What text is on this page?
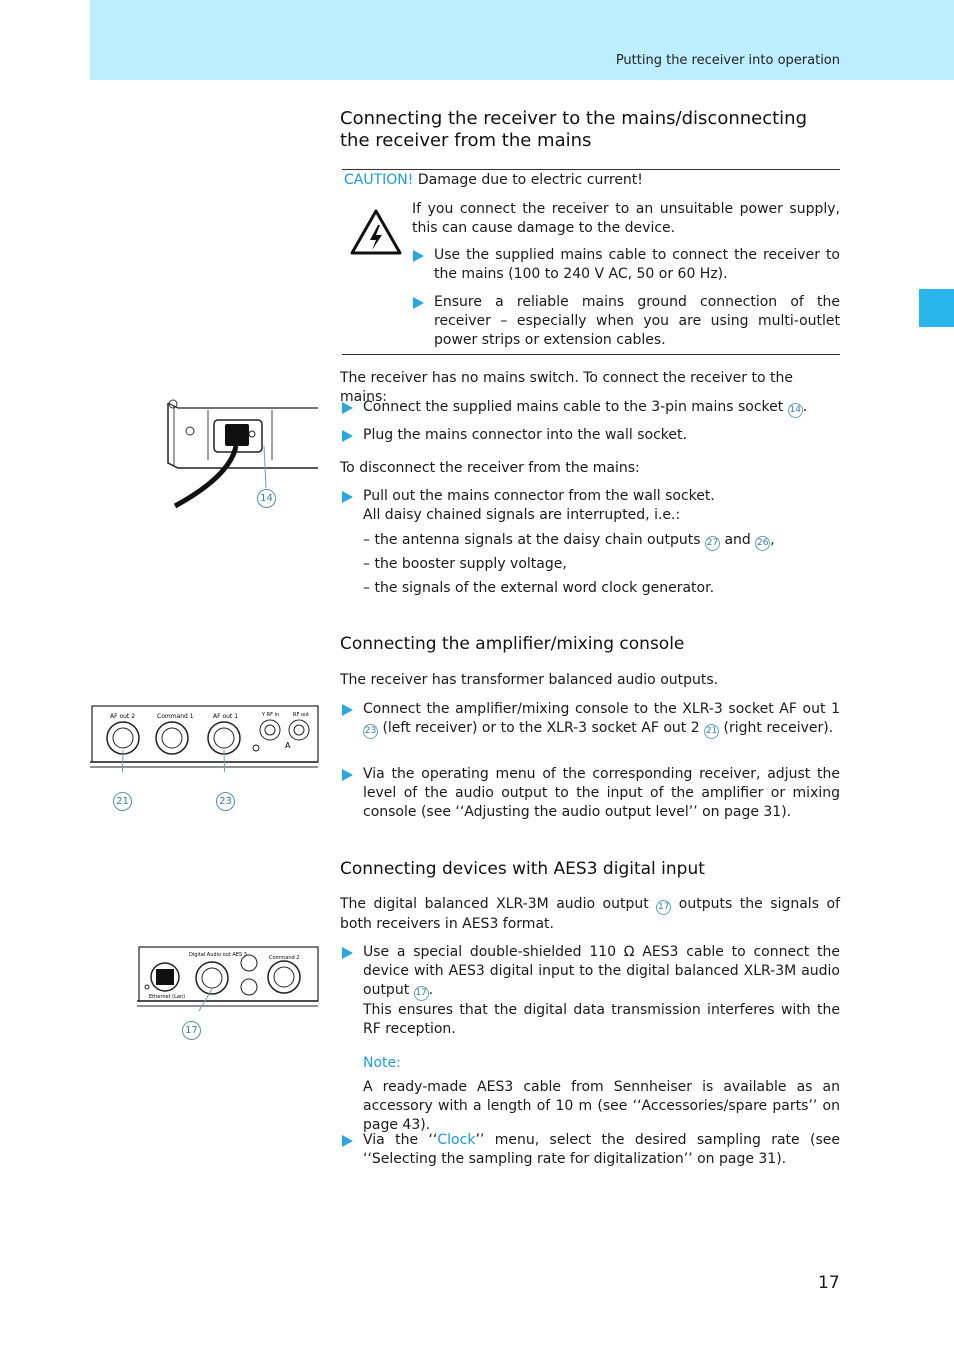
Putting the receiver into operation
Connecting the receiver to the mains/disconnecting the receiver from the mains
CAUTION! Damage due to electric current!

If you connect the receiver to an unsuitable power supply, this can cause damage to the device.

Use the supplied mains cable to connect the receiver to the mains (100 to 240 V AC, 50 or 60 Hz).
Ensure a reliable mains ground connection of the receiver – especially when you are using multi-outlet power strips or extension cables.

The receiver has no mains switch. To connect the receiver to the mains:

Connect the supplied mains cable to the 3-pin mains socket 14 .
Plug the mains connector into the wall socket.

To disconnect the receiver from the mains:

Pull out the mains connector from the wall socket.
All daisy chained signals are interrupted, i.e.:
– the antenna signals at the daisy chain outputs 27 and 26 ,
– the booster supply voltage,
– the signals of the external word clock generator.
14
Connecting the amplifier/mixing console

The receiver has transformer balanced audio outputs.

Connect the amplifier/mixing console to the XLR-3 socket AF out 1 23 (left receiver) or to the XLR-3 socket AF out 2 21 (right receiver).
Via the operating menu of the corresponding receiver, adjust the level of the audio output to the input of the amplifier or mixing console (see ‘‘Adjusting the audio output level’’ on page 31).
AF out 2	Command 1	AF out 1	Y RF in	RF out
A
21	23
Connecting devices with AES3 digital input

The digital balanced XLR-3M audio output 17 outputs the signals of both receivers in AES3 format.

Use a special double-shielded 110 Ω AES3 cable to connect the device with AES3 digital input to the digital balanced XLR-3M audio output 17 .
This ensures that the digital data transmission interferes with the RF reception.
Note:

A ready-made AES3 cable from Sennheiser is available as an accessory with a length of 10 m (see ‘‘Accessories/spare parts’’ on page 43).

Via the ‘‘Clock’’ menu, select the desired sampling rate (see ‘‘Selecting the sampling rate for digitalization’’ on page 31).
Digital Audio out AES 3	Command 2
Ethernet (Lan)
17
17
